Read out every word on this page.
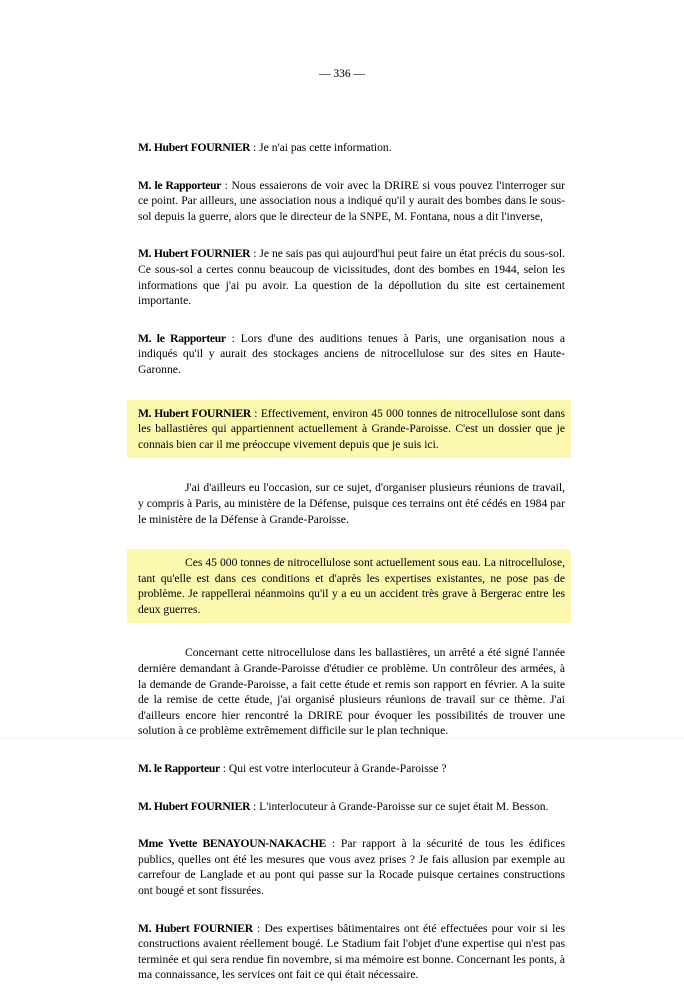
— 336 —

M. Hubert FOURNIER : Je n'ai pas cette information.

M. le Rapporteur : Nous essaierons de voir avec la DRIRE si vous pouvez l'interroger sur ce point. Par ailleurs, une association nous a indiqué qu'il y aurait des bombes dans le sous-sol depuis la guerre, alors que le directeur de la SNPE, M. Fontana, nous a dit l'inverse,

M. Hubert FOURNIER : Je ne sais pas qui aujourd'hui peut faire un état précis du sous-sol. Ce sous-sol a certes connu beaucoup de vicissitudes, dont des bombes en 1944, selon les informations que j'ai pu avoir. La question de la dépollution du site est certainement importante.

M. le Rapporteur : Lors d'une des auditions tenues à Paris, une organisation nous a indiqués qu'il y aurait des stockages anciens de nitrocellulose sur des sites en Haute-Garonne.

M. Hubert FOURNIER : Effectivement, environ 45 000 tonnes de nitrocellulose sont dans les ballastières qui appartiennent actuellement à Grande-Paroisse. C'est un dossier que je connais bien car il me préoccupe vivement depuis que je suis ici.

J'ai d'ailleurs eu l'occasion, sur ce sujet, d'organiser plusieurs réunions de travail, y compris à Paris, au ministère de la Défense, puisque ces terrains ont été cédés en 1984 par le ministère de la Défense à Grande-Paroisse.

Ces 45 000 tonnes de nitrocellulose sont actuellement sous eau. La nitrocellulose, tant qu'elle est dans ces conditions et d'après les expertises existantes, ne pose pas de problème. Je rappellerai néanmoins qu'il y a eu un accident très grave à Bergerac entre les deux guerres.

Concernant cette nitrocellulose dans les ballastières, un arrêté a été signé l'année dernière demandant à Grande-Paroisse d'étudier ce problème. Un contrôleur des armées, à la demande de Grande-Paroisse, a fait cette étude et remis son rapport en février. A la suite de la remise de cette étude, j'ai organisé plusieurs réunions de travail sur ce thème. J'ai d'ailleurs encore hier rencontré la DRIRE pour évoquer les possibilités de trouver une solution à ce problème extrêmement difficile sur le plan technique.

M. le Rapporteur : Qui est votre interlocuteur à Grande-Paroisse ?

M. Hubert FOURNIER : L'interlocuteur à Grande-Paroisse sur ce sujet était M. Besson.

Mme Yvette BENAYOUN-NAKACHE : Par rapport à la sécurité de tous les édifices publics, quelles ont été les mesures que vous avez prises ? Je fais allusion par exemple au carrefour de Langlade et au pont qui passe sur la Rocade puisque certaines constructions ont bougé et sont fissurées.

M. Hubert FOURNIER : Des expertises bâtimentaires ont été effectuées pour voir si les constructions avaient réellement bougé. Le Stadium fait l'objet d'une expertise qui n'est pas terminée et qui sera rendue fin novembre, si ma mémoire est bonne. Concernant les ponts, à ma connaissance, les services ont fait ce qui était nécessaire.
